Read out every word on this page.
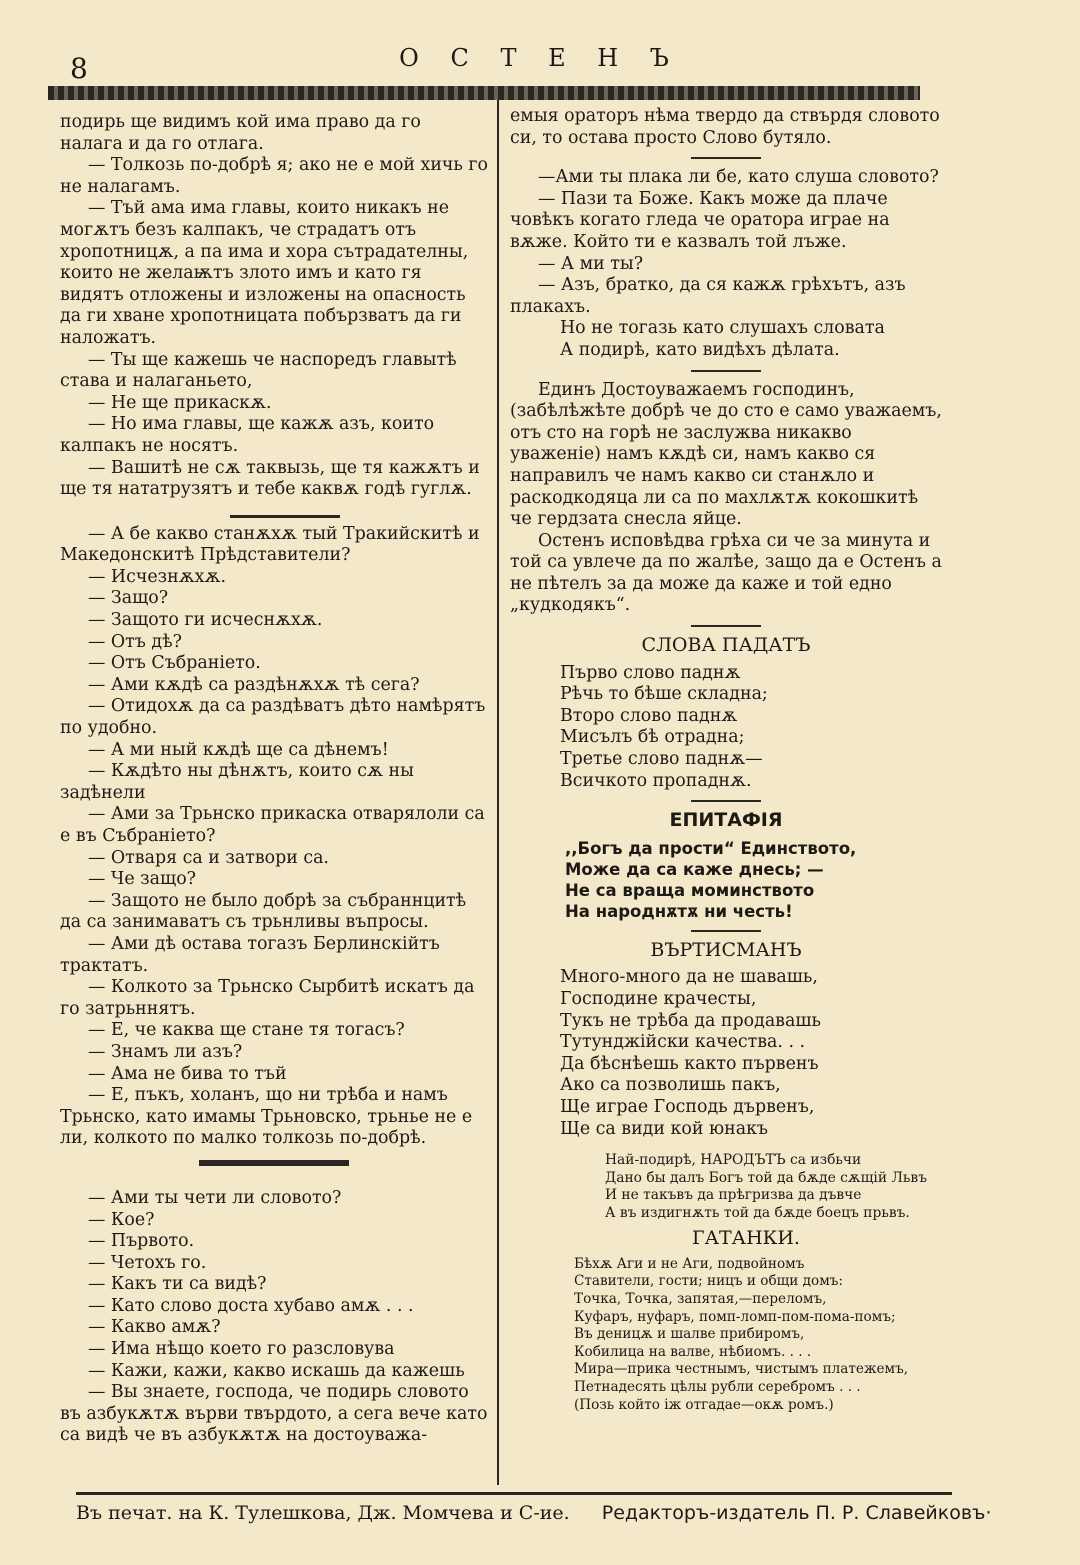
8	О С Т Е Н Ъ

подирь ще видимъ кой има право да го налага и да го отлага.

— Толкозь по-добрѣ я; ако не е мой хичь го не налагамъ.

— Тъй ама има главы, които никакъ не могѫтъ безъ калпакъ, че страдатъ отъ хропотницѫ, а па има и хора сътрадателны, които не желаѭтъ злото имъ и като гя видятъ отложены и изложены на опасность да ги хване хропотницата побързватъ да ги наложатъ.

— Ты ще кажешь че наспоредъ главытѣ става и налаганьето,

— Не ще прикаскѫ.

— Но има главы, ще кажѫ азъ, които калпакъ не носятъ.

— Вашитѣ не сѫ таквызь, ще тя кажѫтъ и ще тя нататрузятъ и тебе каквѫ годѣ гуглѫ.

— А бе какво станѫхѫ тый Тракийскитѣ и Македонскитѣ Прѣдставители?

— Исчезнѫхѫ.

— Защо?

— Защото ги исчеснѫхѫ.

— Отъ дѣ?

— Отъ Събраніето.

— Ами кѫдѣ са раздѣнѫхѫ тѣ сега?

— Отидохѫ да са раздѣватъ дѣто намѣрятъ по удобно.

— А ми ный кѫдѣ ще са дѣнемъ!

— Кѫдѣто ны дѣнѫтъ, които сѫ ны задѣнели

— Ами за Трьнско прикаска отварялоли са е въ Събраніето?

— Отваря са и затвори са.

— Че защо?

— Защото не было добрѣ за събраннцитѣ да са занимаватъ съ трьнливы въпросы.

— Ами дѣ остава тогазъ Берлинскійтъ трактатъ.

— Колкото за Трьнско Сырбитѣ искатъ да го затрьннятъ.

— Е, че каква ще стане тя тогасъ?

— Знамъ ли азъ?

— Ама не бива то тъй

— Е, пъкъ, холанъ, що ни трѣба и намъ Трьнско, като имамы Трьновско, трьнье не е ли, колкото по малко толкозь по-добрѣ.

— Ами ты чети ли словото?

— Кое?

— Първото.

— Четохъ го.

— Какъ ти са видѣ?

— Като слово доста хубаво амѫ . . .

— Какво амѫ?

— Има нѣщо което го разсловува

— Кажи, кажи, какво искашь да кажешь

— Вы знаете, господа, че подирь словото въ азбукѫтѫ върви твърдото, а сега вече като са видѣ че въ азбукѫтѫ на достоуважа-

емыя ораторъ нѣма твердо да ствърдя словото си, то остава просто Слово бутяло.

—Ами ты плака ли бе, като слуша словото?

— Пази та Боже. Какъ може да плаче човѣкъ когато гледа че оратора играе на вѫже. Който ти е казвалъ той лъже.

— А ми ты?

— Азъ, братко, да ся кажѫ грѣхътъ, азъ плакахъ.

Но не тогазь като слушахъ словата

А подирѣ, като видѣхъ дѣлата.

Единъ Достоуважаемъ господинъ, (забѣлѣжѣте добрѣ че до сто е само уважаемъ, отъ сто на горѣ не заслужва никакво уваженіе) намъ кѫдѣ си, намъ какво ся направилъ че намъ какво си станѫло и раскодкодяца ли са по махлѫтѫ кокошкитѣ че гердзата снесла яйце.

Остенъ исповѣдва грѣха си че за минута и той са увлече да по жалѣе, защо да е Остенъ а не пѣтелъ за да може да каже и той едно „кудкодякъ“.

СЛОВА ПАДАТЪ

Първо слово паднѫ

Рѣчь то бѣше складна;

Второ слово паднѫ

Мисълъ бѣ отрадна;

Третье слово паднѫ—

Всичкото пропаднѫ.

ЕПИТАФІЯ

,,Богъ да прости“ Единството,

Може да са каже днесь; —

Не са враща моминството

На народнѫтѫ ни честь!

ВЪРТИСМАНЪ

Много-много да не шавашь,

Господине крачесты,

Тукъ не трѣба да продавашь

Тутунджійски качества. . .

Да бѣснѣешь както първенъ

Ако са позволишь пакъ,

Ще играе Господь дървенъ,

Ще са види кой юнакъ

Най-подирѣ, НАРОДЪТЪ са избьчи

Дано бы далъ Богъ той да бѫде сѫщій Львъ

И не такъвъ да прѣгризва да дъвче

А въ издигнѫть той да бѫде боецъ прьвъ.

ГАТАНКИ.

Бѣхѫ Аги и не Аги, подвойномъ

Ставители, гости; ницъ и общи домъ:

Точка, Точка, запятая,—переломъ,

Куфаръ, нуфаръ, помп-ломп-пом-пома-помъ;

Въ деницѫ и шалве прибиромъ,

Кобилица на валве, нѣбиомъ. . . .

Мира—прика честнымъ, чистымъ платежемъ,

Петнадесять цѣлы рубли серебромъ . . .

(Позь който iж отгадае—окѫ ромъ.)

Въ печат. на К. Тулешкова, Дж. Момчева и С-ие. Редакторъ-издатель П. Р. Славейковъ·
